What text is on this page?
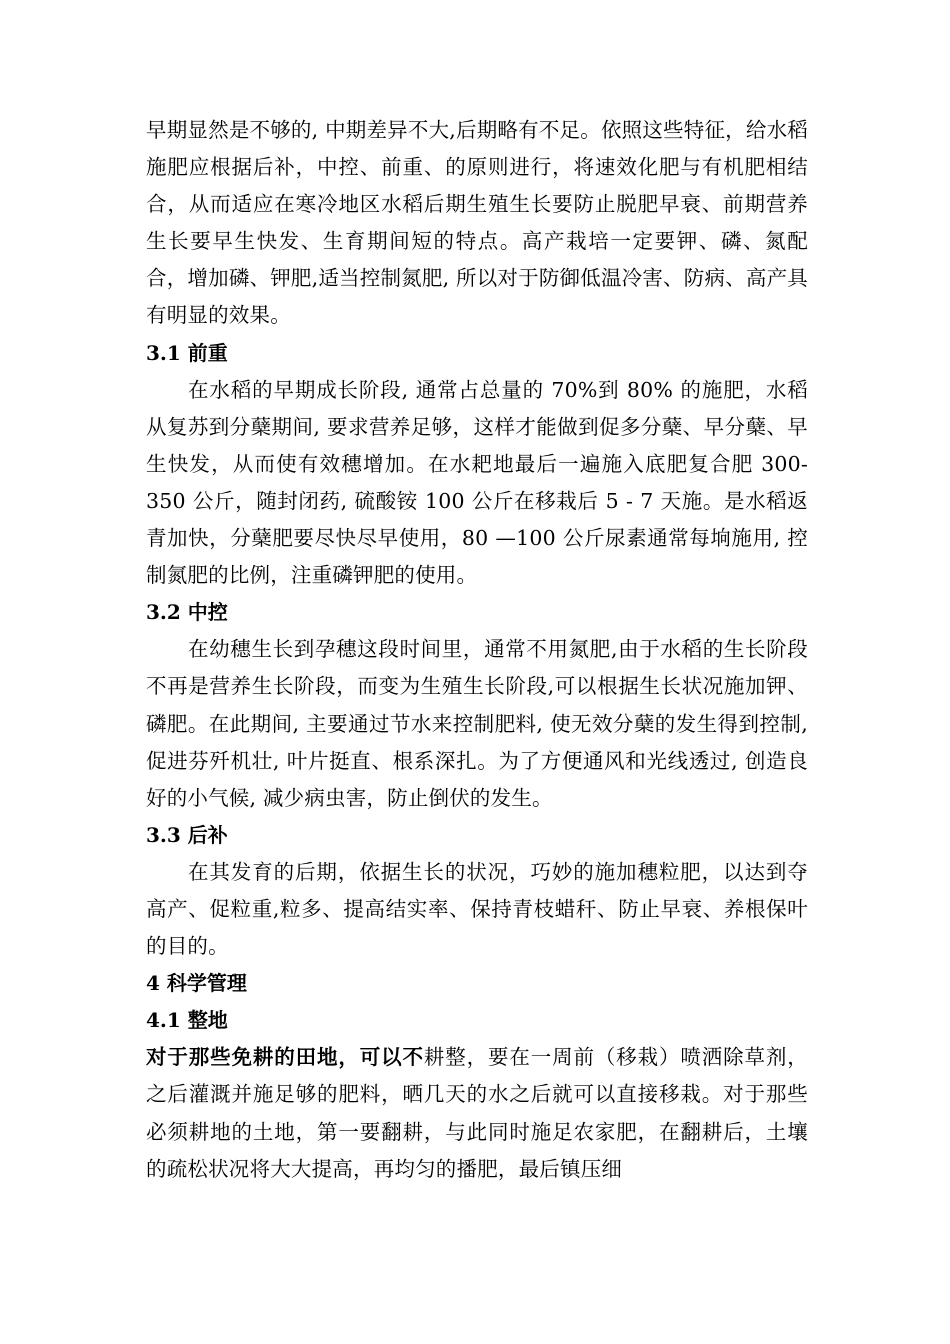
早期显然是不够的, 中期差异不大,后期略有不足。依照这些特征，给水稻施肥应根据后补，中控、前重、的原则进行，将速效化肥与有机肥相结合，从而适应在寒冷地区水稻后期生殖生长要防止脱肥早衰、前期营养生长要早生快发、生育期间短的特点。高产栽培一定要钾、磷、氮配合，增加磷、钾肥,适当控制氮肥, 所以对于防御低温冷害、防病、高产具有明显的效果。

3.1 前重

在水稻的早期成长阶段, 通常占总量的 70%到 80% 的施肥，水稻从复苏到分蘖期间, 要求营养足够，这样才能做到促多分蘖、早分蘖、早生快发，从而使有效穗增加。在水耙地最后一遍施入底肥复合肥 300-350 公斤，随封闭药, 硫酸铵 100 公斤在移栽后 5 - 7 天施。是水稻返青加快，分蘖肥要尽快尽早使用，80 —100 公斤尿素通常每垧施用, 控制氮肥的比例，注重磷钾肥的使用。

3.2 中控

在幼穗生长到孕穗这段时间里，通常不用氮肥,由于水稻的生长阶段不再是营养生长阶段，而变为生殖生长阶段,可以根据生长状况施加钾、磷肥。在此期间, 主要通过节水来控制肥料, 使无效分蘖的发生得到控制, 促进芬歼机壮, 叶片挺直、根系深扎。为了方便通风和光线透过, 创造良好的小气候, 减少病虫害，防止倒伏的发生。

3.3 后补

在其发育的后期，依据生长的状况，巧妙的施加穗粒肥，以达到夺高产、促粒重,粒多、提高结实率、保持青枝蜡秆、防止早衰、养根保叶的目的。

4 科学管理
4.1 整地

对于那些免耕的田地，可以不耕整，要在一周前（移栽）喷洒除草剂，之后灌溉并施足够的肥料，晒几天的水之后就可以直接移栽。对于那些必须耕地的土地，第一要翻耕，与此同时施足农家肥，在翻耕后，土壤的疏松状况将大大提高，再均匀的播肥，最后镇压细
